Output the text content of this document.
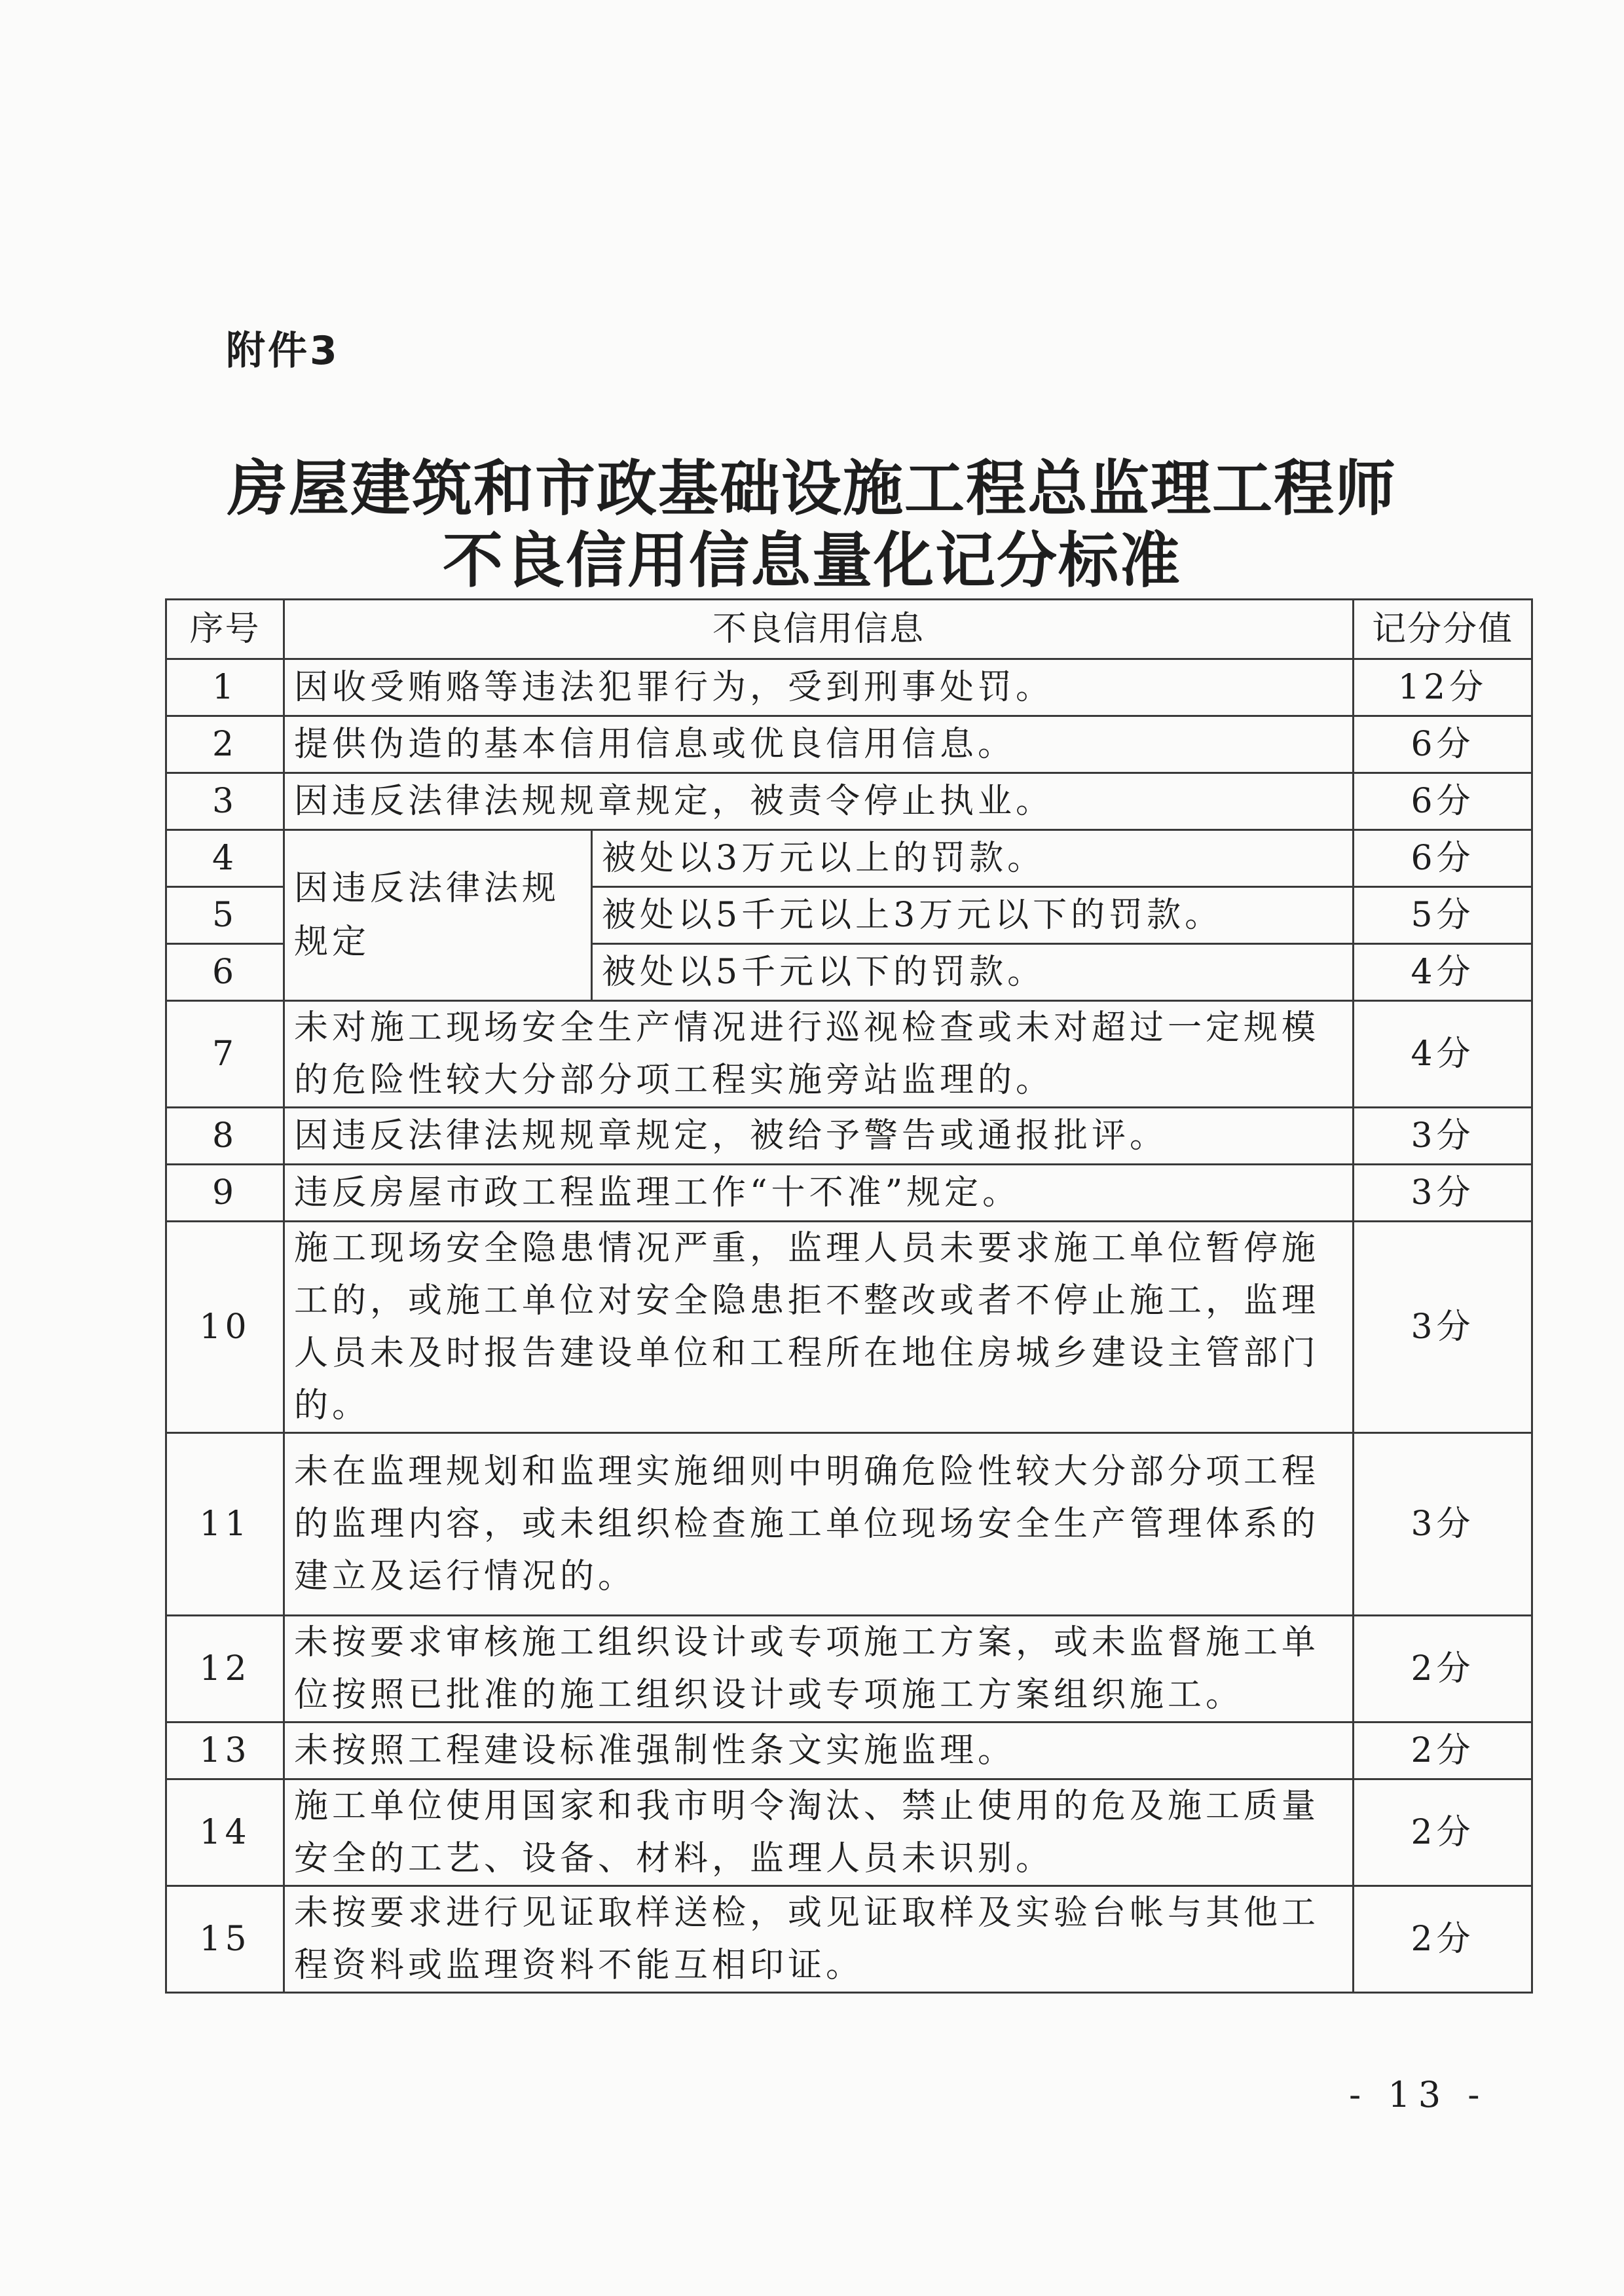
附件3
房屋建筑和市政基础设施工程总监理工程师
不良信用信息量化记分标准
序号	不良信用信息		记分分值
1	因收受贿赂等违法犯罪行为，受到刑事处罚。		12分
2	提供伪造的基本信用信息或优良信用信息。		6分
3	因违反法律法规规章规定，被责令停止执业。		6分
4	因违反法律法规规定	被处以3万元以上的罚款。	6分
5		被处以5千元以上3万元以下的罚款。	5分
6		被处以5千元以下的罚款。	4分
7	未对施工现场安全生产情况进行巡视检查或未对超过一定规模的危险性较大分部分项工程实施旁站监理的。		4分
8	因违反法律法规规章规定，被给予警告或通报批评。		3分
9	违反房屋市政工程监理工作“十不准”规定。		3分
10	施工现场安全隐患情况严重，监理人员未要求施工单位暂停施工的，或施工单位对安全隐患拒不整改或者不停止施工，监理人员未及时报告建设单位和工程所在地住房城乡建设主管部门的。		3分
11	未在监理规划和监理实施细则中明确危险性较大分部分项工程的监理内容，或未组织检查施工单位现场安全生产管理体系的建立及运行情况的。		3分
12	未按要求审核施工组织设计或专项施工方案，或未监督施工单位按照已批准的施工组织设计或专项施工方案组织施工。		2分
13	未按照工程建设标准强制性条文实施监理。		2分
14	施工单位使用国家和我市明令淘汰、禁止使用的危及施工质量安全的工艺、设备、材料，监理人员未识别。		2分
15	未按要求进行见证取样送检，或见证取样及实验台帐与其他工程资料或监理资料不能互相印证。		2分
- 13 -
